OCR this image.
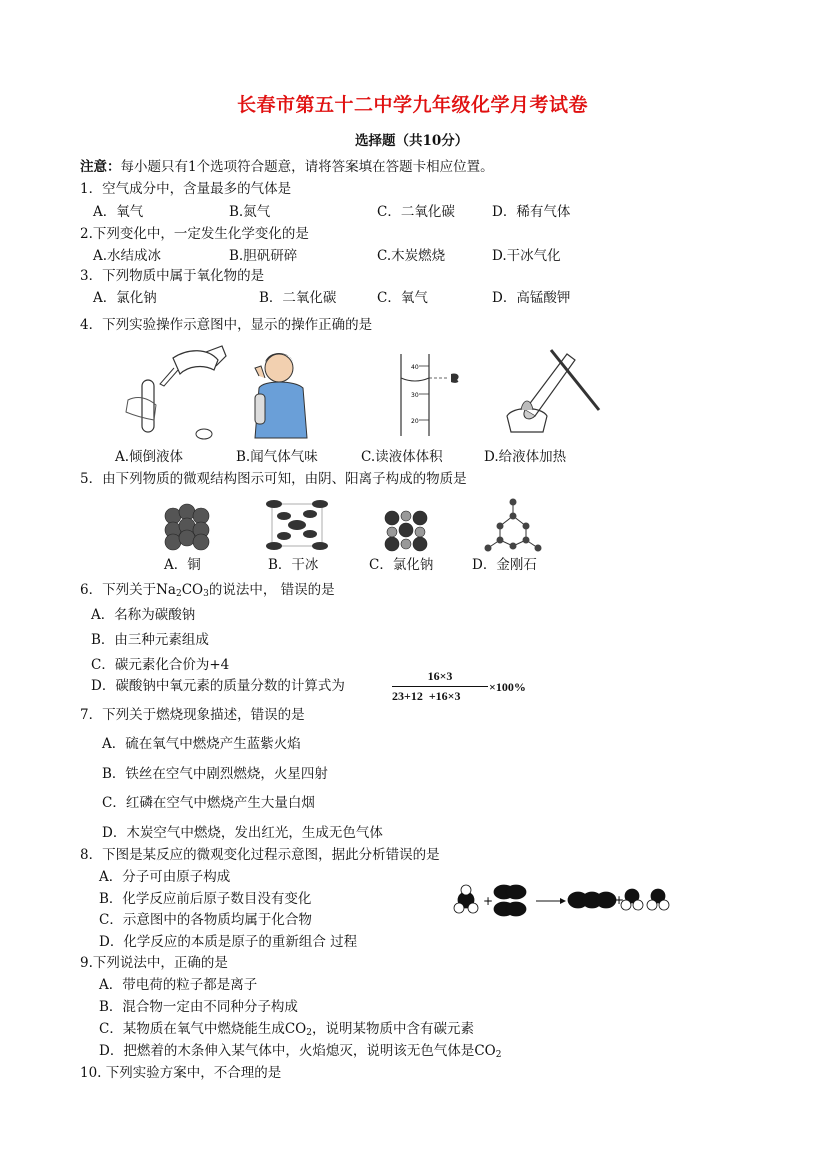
长春市第五十二中学九年级化学月考试卷
选择题（共10分）
注意：每小题只有1个选项符合题意，请将答案填在答题卡相应位置。
1．空气成分中，含量最多的气体是
A．氧气	B.氮气	C．二氧化碳	D．稀有气体
2.下列变化中，一定发生化学变化的是
A.水结成冰	B.胆矾研碎	C.木炭燃烧	D.干冰气化
3．下列物质中属于氧化物的是
A．氯化钠	B．二氧化碳	C．氧气	D．高锰酸钾
4．下列实验操作示意图中，显示的操作正确的是
40
30
20
A.倾倒液体	B.闻气体气味	C.读液体体积	D.给液体加热
5．由下列物质的微观结构图示可知，由阴、阳离子构成的物质是
A．铜	B．干冰	C．氯化钠	D．金刚石
6．下列关于$Na_2CO_3$的说法中， 错误的是
A．名称为碳酸钠
B．由三种元素组成
C．碳元素化合价为+4
D．碳酸钠中氧元素的质量分数的计算式为	$\frac{16\times 3}{23+12 +16\times 3} \times 100\%$
7．下列关于燃烧现象描述，错误的是
A．硫在氧气中燃烧产生蓝紫火焰
B．铁丝在空气中剧烈燃烧，火星四射
C．红磷在空气中燃烧产生大量白烟
D．木炭空气中燃烧，发出红光，生成无色气体
8．下图是某反应的微观变化过程示意图，据此分析错误的是
A．分子可由原子构成
B．化学反应前后原子数目没有变化
C．示意图中的各物质均属于化合物
D．化学反应的本质是原子的重新组合 过程
+	+
9.下列说法中，正确的是
A．带电荷的粒子都是离子
B．混合物一定由不同种分子构成
C．某物质在氧气中燃烧能生成$CO_2$，说明某物质中含有碳元素
D．把燃着的木条伸入某气体中，火焰熄灭，说明该无色气体是$CO_2$
10. 下列实验方案中，不合理的是
